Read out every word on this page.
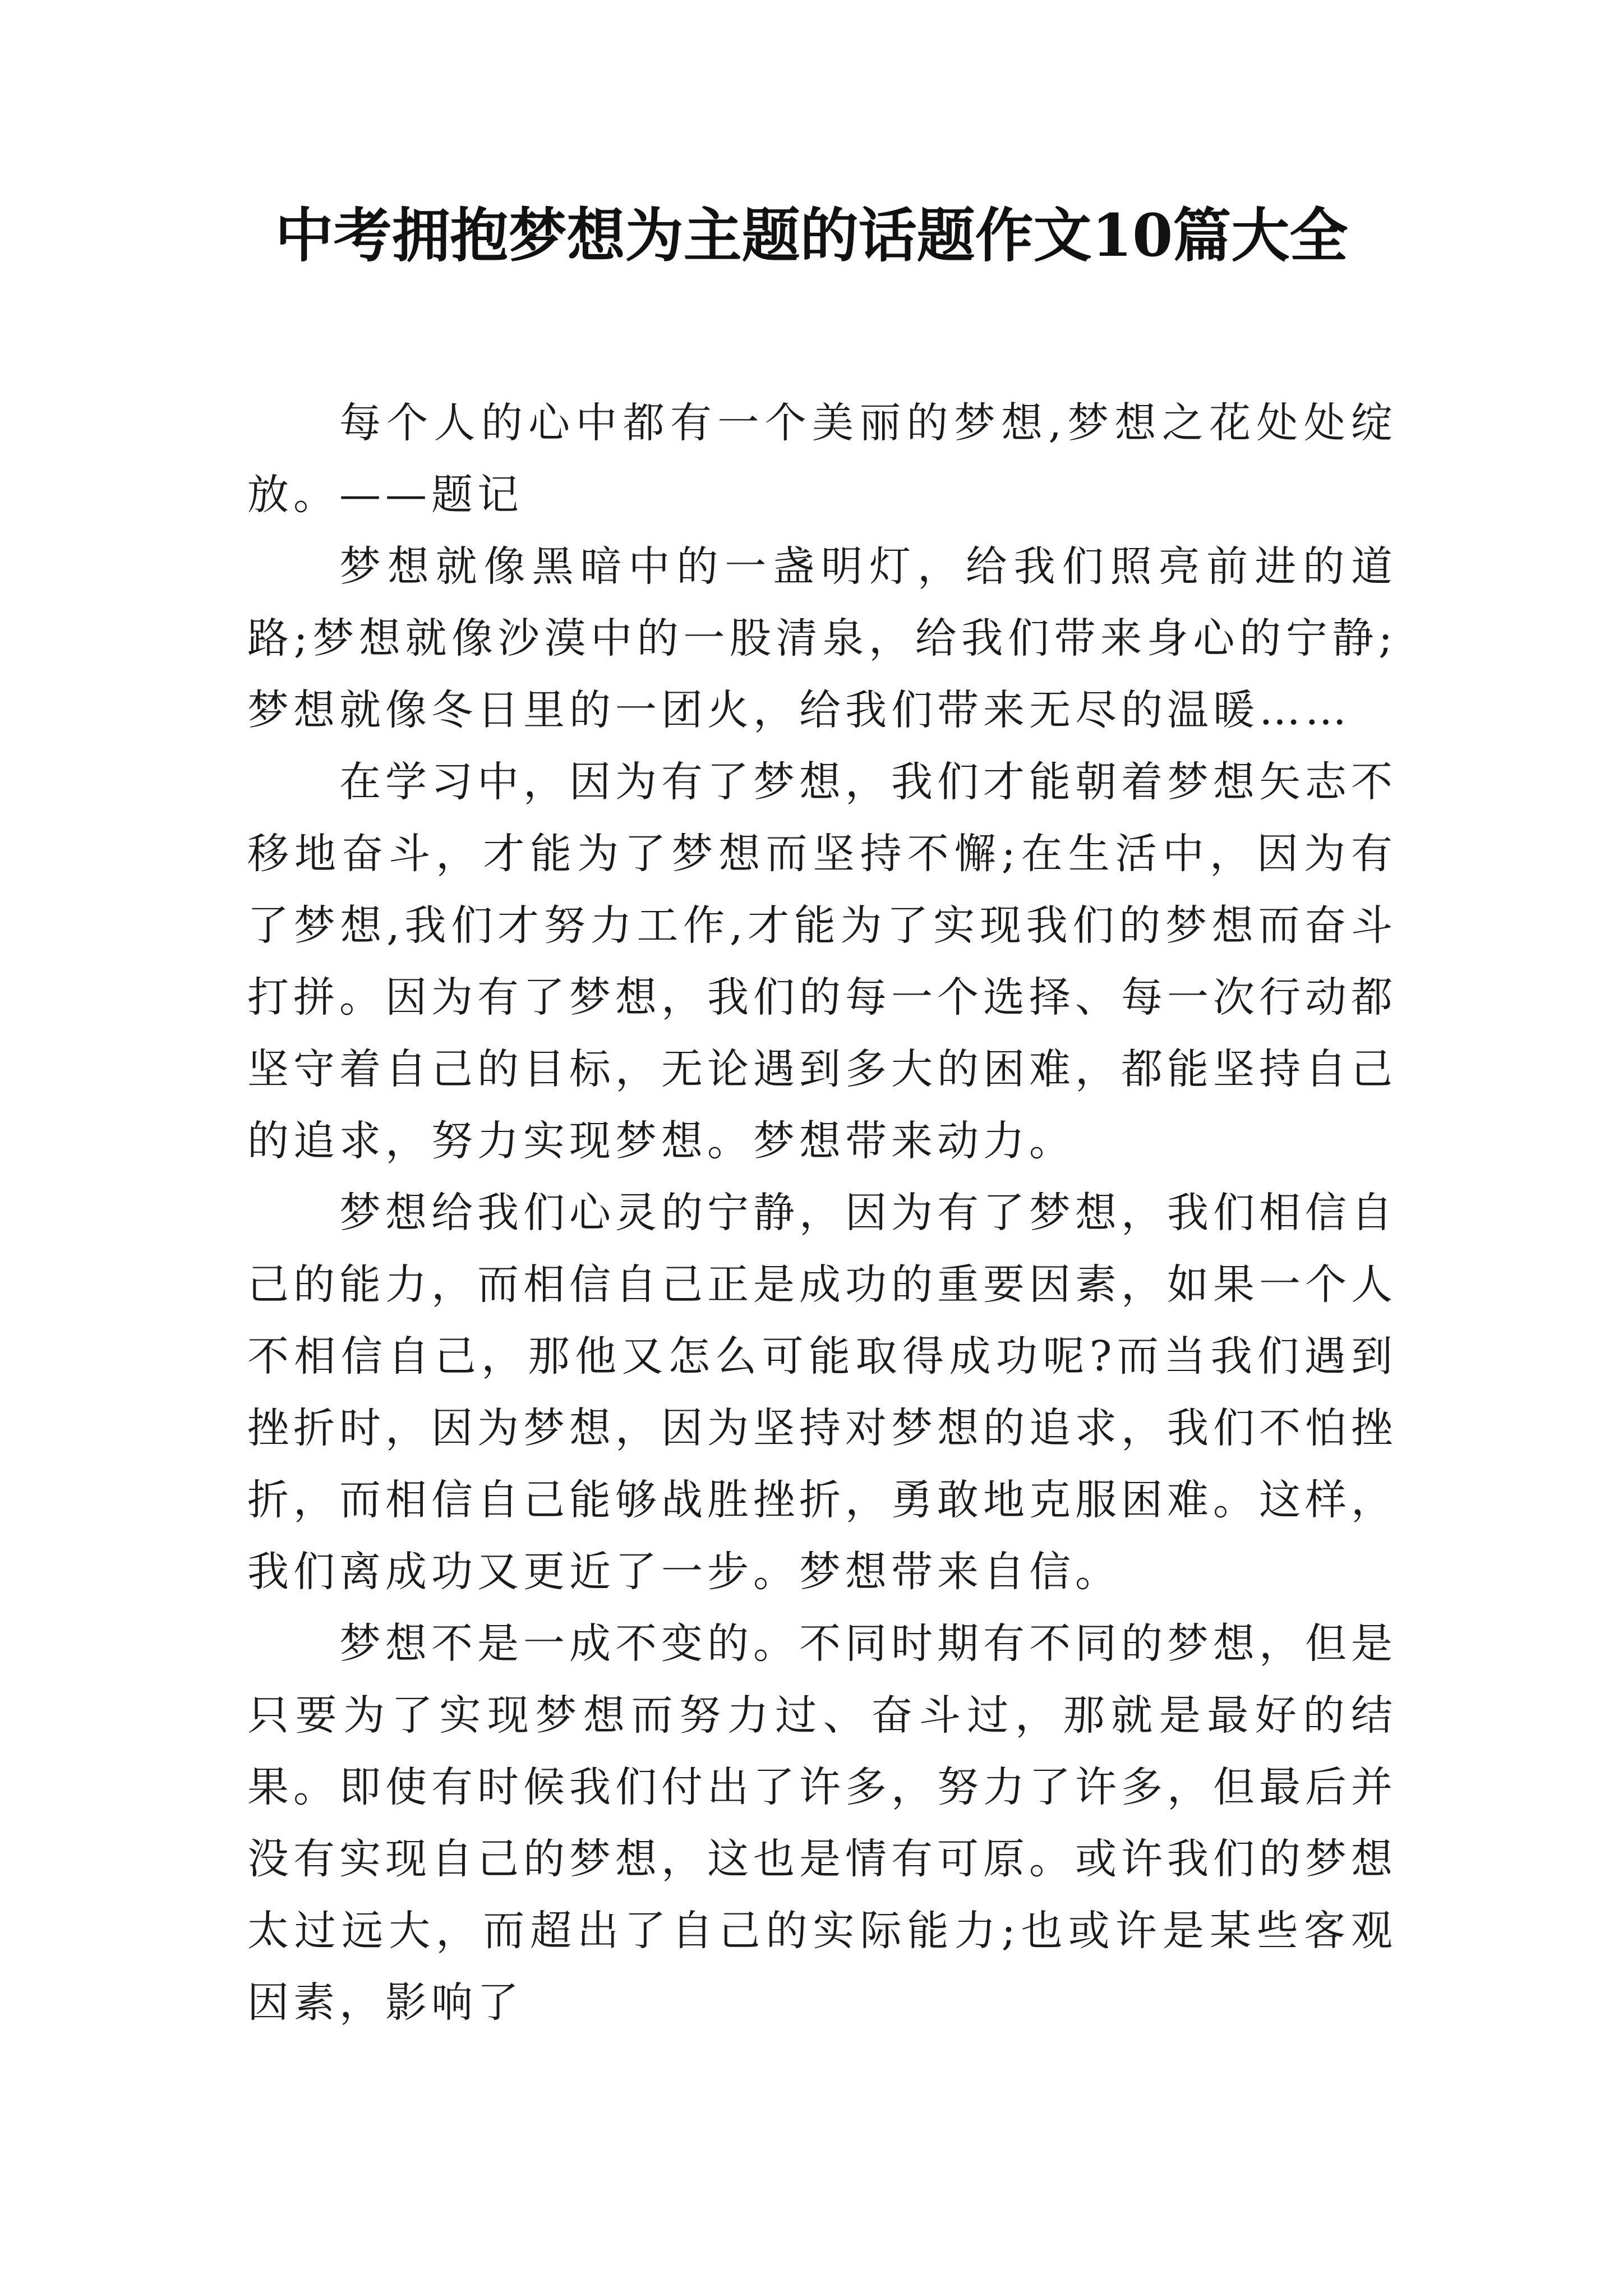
中考拥抱梦想为主题的话题作文10篇大全

每个人的心中都有一个美丽的梦想,梦想之花处处绽放。——题记

梦想就像黑暗中的一盏明灯，给我们照亮前进的道路;梦想就像沙漠中的一股清泉，给我们带来身心的宁静;梦想就像冬日里的一团火，给我们带来无尽的温暖……

在学习中，因为有了梦想，我们才能朝着梦想矢志不移地奋斗，才能为了梦想而坚持不懈;在生活中，因为有了梦想,我们才努力工作,才能为了实现我们的梦想而奋斗打拼。因为有了梦想，我们的每一个选择、每一次行动都坚守着自己的目标，无论遇到多大的困难，都能坚持自己的追求，努力实现梦想。梦想带来动力。

梦想给我们心灵的宁静，因为有了梦想，我们相信自己的能力，而相信自己正是成功的重要因素，如果一个人不相信自己，那他又怎么可能取得成功呢?而当我们遇到挫折时，因为梦想，因为坚持对梦想的追求，我们不怕挫折，而相信自己能够战胜挫折，勇敢地克服困难。这样，我们离成功又更近了一步。梦想带来自信。

梦想不是一成不变的。不同时期有不同的梦想，但是只要为了实现梦想而努力过、奋斗过，那就是最好的结果。即使有时候我们付出了许多，努力了许多，但最后并没有实现自己的梦想，这也是情有可原。或许我们的梦想太过远大，而超出了自己的实际能力;也或许是某些客观因素，影响了
